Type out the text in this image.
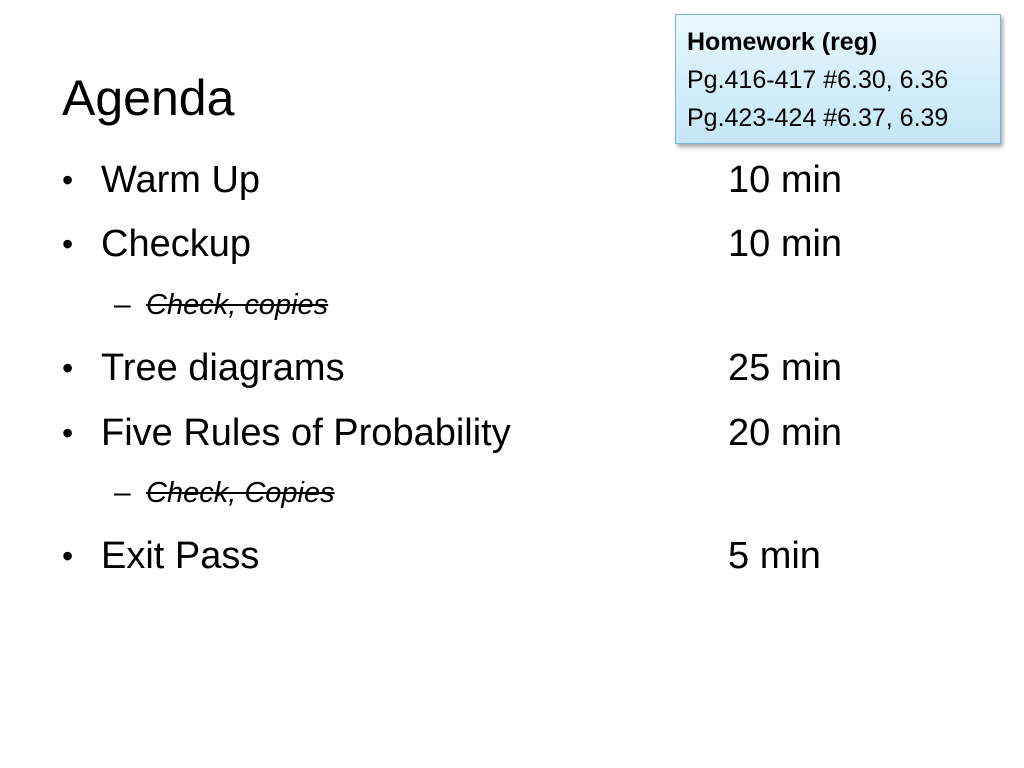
Agenda
Homework (reg)
Pg.416-417 #6.30, 6.36
Pg.423-424 #6.37, 6.39
• Warm Up	10 min
• Checkup	10 min
– Check, copies
• Tree diagrams	25 min
• Five Rules of Probability	20 min
– Check, Copies
• Exit Pass	5 min
